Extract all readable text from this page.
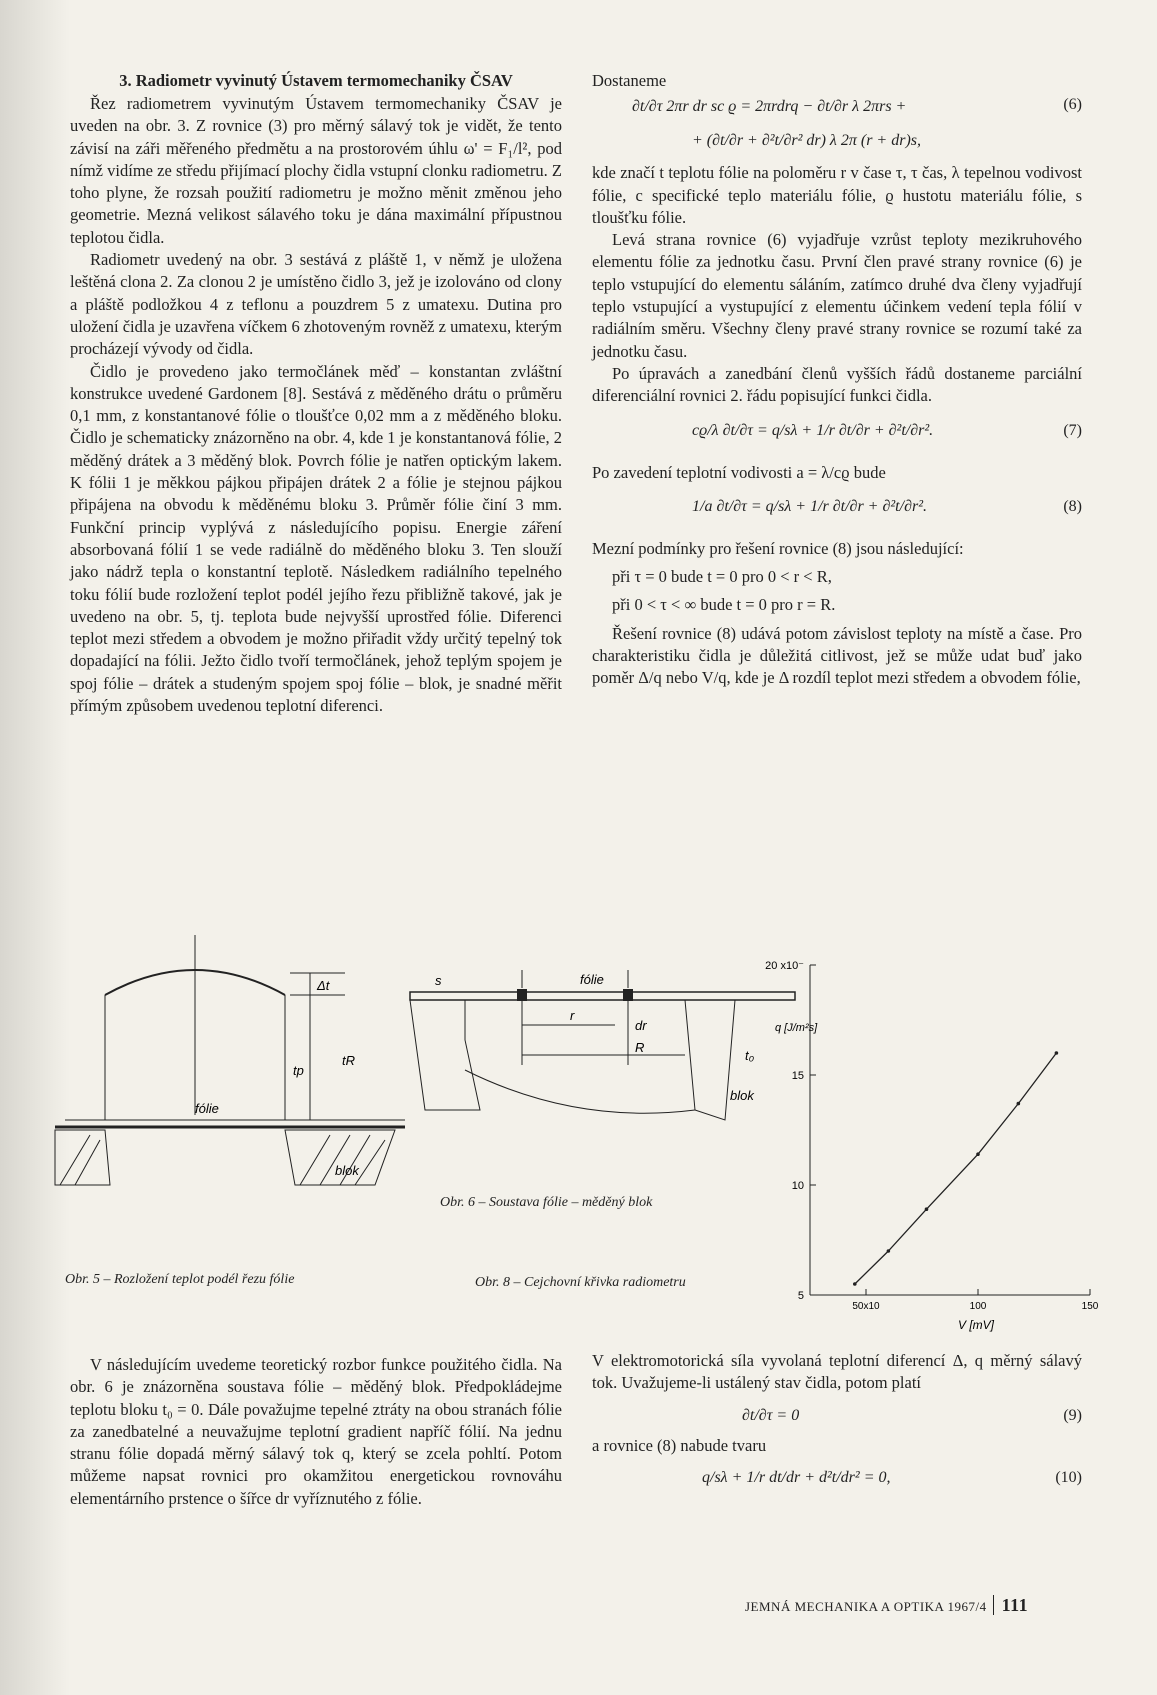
3. Radiometr vyvinutý Ústavem termomechaniky ČSAV

Řez radiometrem vyvinutým Ústavem termomechaniky ČSAV je uveden na obr. 3. Z rovnice (3) pro měrný sálavý tok je vidět, že tento závisí na záři měřeného předmětu a na prostorovém úhlu ω' = F₁/l², pod nímž vidíme ze středu přijímací plochy čidla vstupní clonku radiometru. Z toho plyne, že rozsah použití radiometru je možno měnit změnou jeho geometrie. Mezná velikost sálavého toku je dána maximální přípustnou teplotou čidla.

Radiometr uvedený na obr. 3 sestává z pláště 1, v němž je uložena leštěná clona 2. Za clonou 2 je umístěno čidlo 3, jež je izolováno od clony a pláště podložkou 4 z teflonu a pouzdrem 5 z umatexu. Dutina pro uložení čidla je uzavřena víčkem 6 zhotoveným rovněž z umatexu, kterým procházejí vývody od čidla.

Čidlo je provedeno jako termočlánek měď – konstantan zvláštní konstrukce uvedené Gardonem [8]. Sestává z měděného drátu o průměru 0,1 mm, z konstantanové fólie o tloušťce 0,02 mm a z měděného bloku. Čidlo je schematicky znázorněno na obr. 4, kde 1 je konstantanová fólie, 2 měděný drátek a 3 měděný blok. Povrch fólie je natřen optickým lakem. K fólii 1 je měkkou pájkou připájen drátek 2 a fólie je stejnou pájkou připájena na obvodu k měděnému bloku 3. Průměr fólie činí 3 mm. Funkční princip vyplývá z následujícího popisu. Energie záření absorbovaná fólií 1 se vede radiálně do měděného bloku 3. Ten slouží jako nádrž tepla o konstantní teplotě. Následkem radiálního tepelného toku fólií bude rozložení teplot podél jejího řezu přibližně takové, jak je uvedeno na obr. 5, tj. teplota bude nejvyšší uprostřed fólie. Diferenci teplot mezi středem a obvodem je možno přiřadit vždy určitý tepelný tok dopadající na fólii. Ježto čidlo tvoří termočlánek, jehož teplým spojem je spoj fólie – drátek a studeným spojem spoj fólie – blok, je snadné měřit přímým způsobem uvedenou teplotní diferenci.

Δt
tR
tp
fólie
blok
Obr. 5 – Rozložení teplot podél řezu fólie
s	fólie
r
dr
R
t₀
blok
Obr. 6 – Soustava fólie – měděný blok
5
10
15
20 x10⁻
50x10	100	150
V [mV]
q [J/m²s]
Obr. 8 – Cejchovní křivka radiometru

V následujícím uvedeme teoretický rozbor funkce použitého čidla. Na obr. 6 je znázorněna soustava fólie – měděný blok. Předpokládejme teplotu bloku t₀ = 0. Dále považujme tepelné ztráty na obou stranách fólie za zanedbatelné a neuvažujme teplotní gradient napříč fólií. Na jednu stranu fólie dopadá měrný sálavý tok q, který se zcela pohltí. Potom můžeme napsat rovnici pro okamžitou energetickou rovnováhu elementárního prstence o šířce dr vyříznutého z fólie.

Dostaneme

∂t/∂τ 2πr dr sc ϱ = 2πrdrq − ∂t/∂r λ 2πrs +	(6)
+ (∂t/∂r + ∂²t/∂r² dr) λ 2π (r + dr)s,

kde značí t teplotu fólie na poloměru r v čase τ, τ čas, λ tepelnou vodivost fólie, c specifické teplo materiálu fólie, ϱ hustotu materiálu fólie, s tloušťku fólie.

Levá strana rovnice (6) vyjadřuje vzrůst teploty mezikruhového elementu fólie za jednotku času. První člen pravé strany rovnice (6) je teplo vstupující do elementu sáláním, zatímco druhé dva členy vyjadřují teplo vstupující a vystupující z elementu účinkem vedení tepla fólií v radiálním směru. Všechny členy pravé strany rovnice se rozumí také za jednotku času.

Po úpravách a zanedbání členů vyšších řádů dostaneme parciální diferenciální rovnici 2. řádu popisující funkci čidla.

cϱ/λ ∂t/∂τ = q/sλ + 1/r ∂t/∂r + ∂²t/∂r².	(7)

Po zavedení teplotní vodivosti a = λ/cϱ bude

1/a ∂t/∂τ = q/sλ + 1/r ∂t/∂r + ∂²t/∂r².	(8)

Mezní podmínky pro řešení rovnice (8) jsou následující:

při τ = 0 bude t = 0 pro 0 < r < R,

při 0 < τ < ∞ bude t = 0 pro r = R.

Řešení rovnice (8) udává potom závislost teploty na místě a čase. Pro charakteristiku čidla je důležitá citlivost, jež se může udat buď jako poměr Δ/q nebo V/q, kde je Δ rozdíl teplot mezi středem a obvodem fólie,

V elektromotorická síla vyvolaná teplotní diferencí Δ, q měrný sálavý tok. Uvažujeme-li ustálený stav čidla, potom platí

∂t/∂τ = 0	(9)

a rovnice (8) nabude tvaru

q/sλ + 1/r dt/dr + d²t/dr² = 0,	(10)
JEMNÁ MECHANIKA A OPTIKA 1967/4 111
